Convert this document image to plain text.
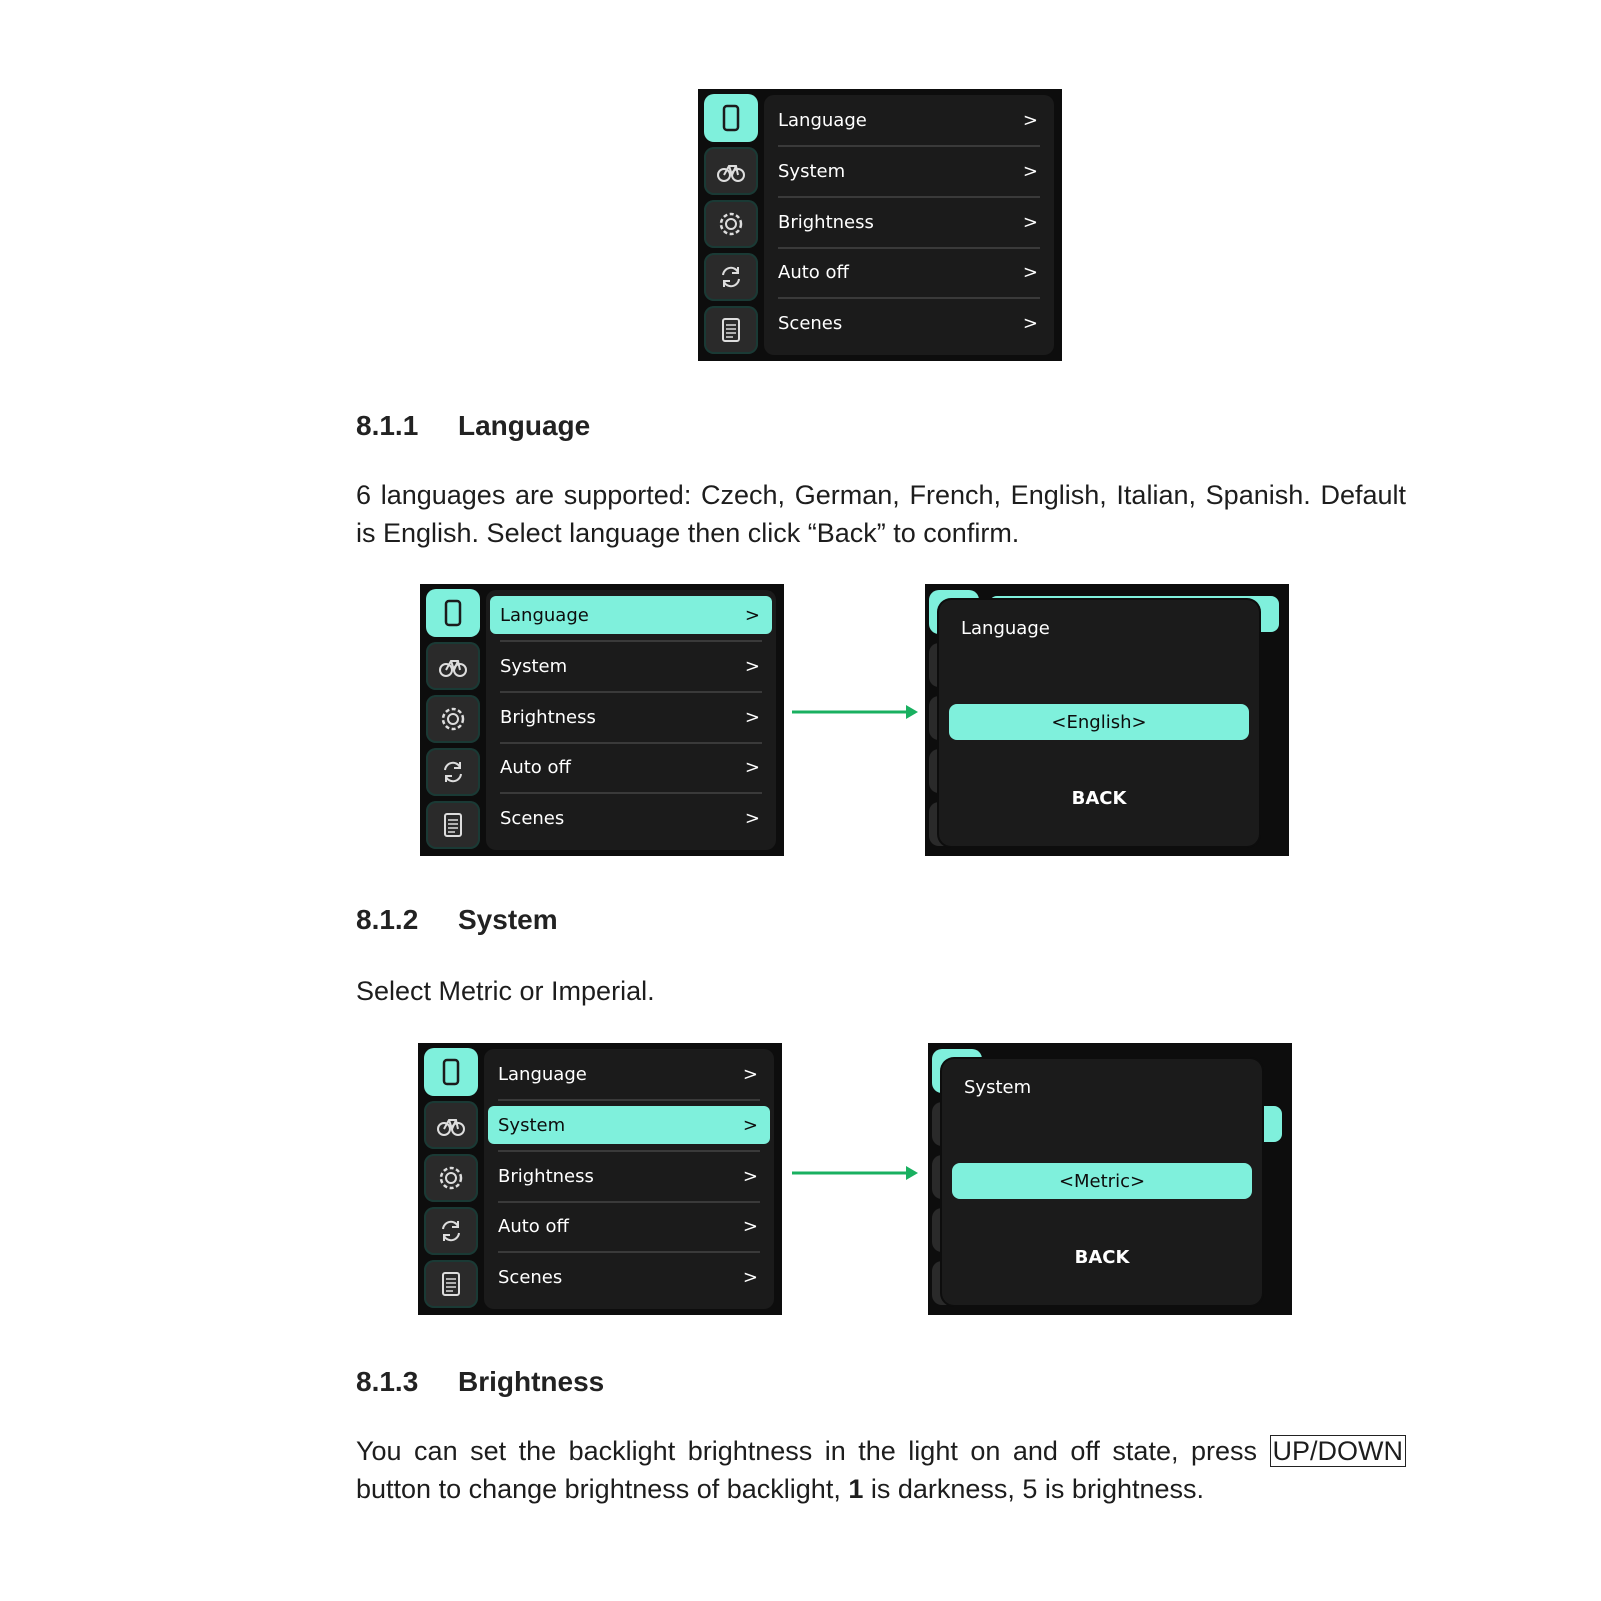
Language	>
System	>
Brightness	>
Auto off	>
Scenes	>
8.1.1 Language

6 languages are supported: Czech, German, French, English, Italian, Spanish. Default is English. Select language then click “Back” to confirm.

Language	>
System	>
Brightness	>
Auto off	>
Scenes	>
Language
<English>
BACK
8.1.2 System

Select Metric or Imperial.

Language	>
System	>
Brightness	>
Auto off	>
Scenes	>
System
<Metric>
BACK
8.1.3 Brightness

You can set the backlight brightness in the light on and off state, press UP/DOWN button to change brightness of backlight, 1 is darkness, 5 is brightness.
